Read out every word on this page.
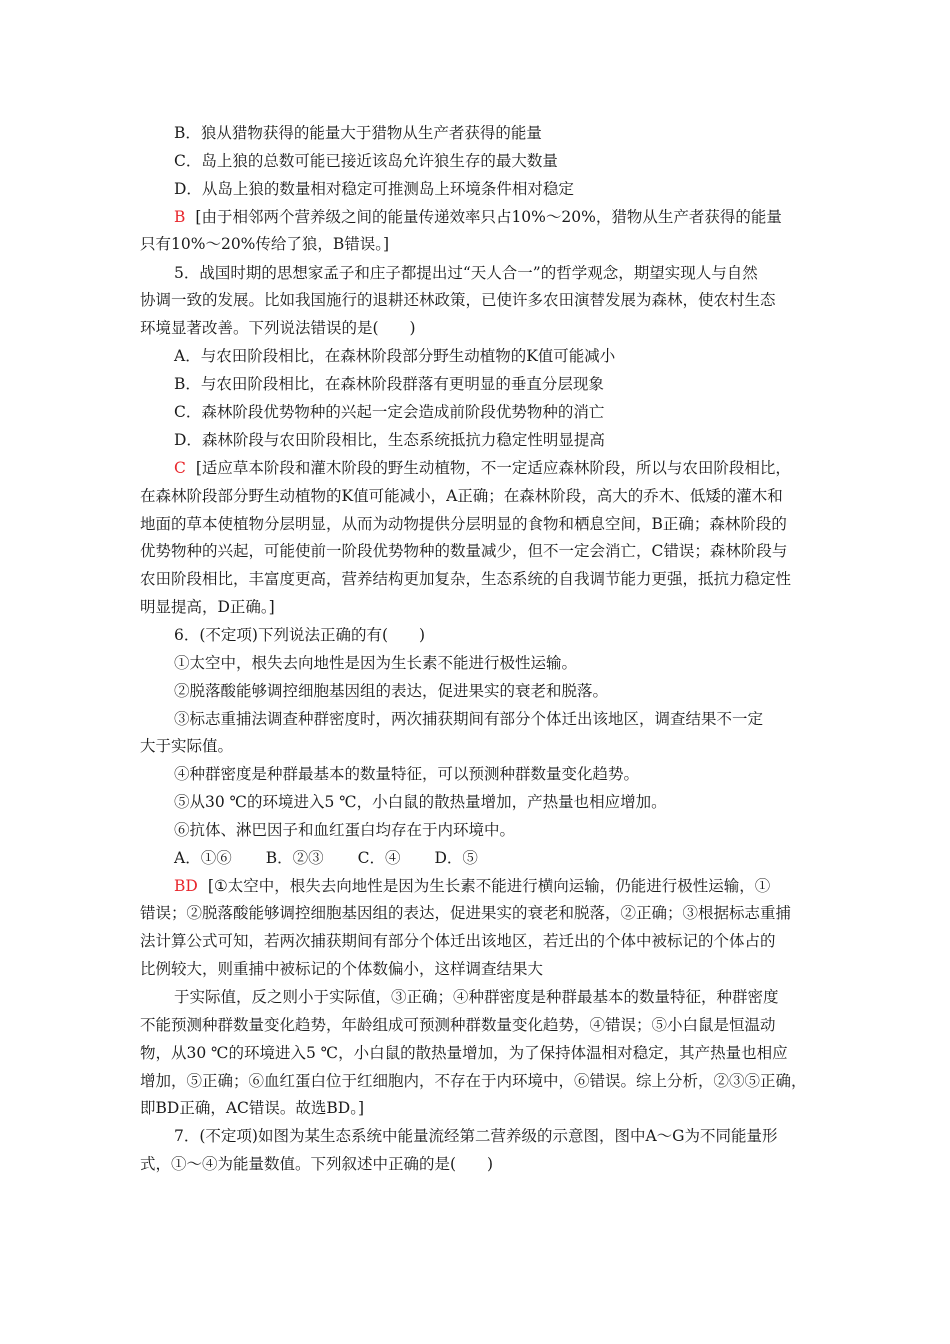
B．狼从猎物获得的能量大于猎物从生产者获得的能量
C．岛上狼的总数可能已接近该岛允许狼生存的最大数量
D．从岛上狼的数量相对稳定可推测岛上环境条件相对稳定
B [由于相邻两个营养级之间的能量传递效率只占10%～20%，猎物从生产者获得的能量
只有10%～20%传给了狼，B错误。]
5．战国时期的思想家孟子和庄子都提出过“天人合一”的哲学观念，期望实现人与自然
协调一致的发展。比如我国施行的退耕还林政策，已使许多农田演替发展为森林，使农村生态
环境显著改善。下列说法错误的是(　　)
A．与农田阶段相比，在森林阶段部分野生动植物的K值可能减小
B．与农田阶段相比，在森林阶段群落有更明显的垂直分层现象
C．森林阶段优势物种的兴起一定会造成前阶段优势物种的消亡
D．森林阶段与农田阶段相比，生态系统抵抗力稳定性明显提高
C [适应草本阶段和灌木阶段的野生动植物，不一定适应森林阶段，所以与农田阶段相比，
在森林阶段部分野生动植物的K值可能减小，A正确；在森林阶段，高大的乔木、低矮的灌木和
地面的草本使植物分层明显，从而为动物提供分层明显的食物和栖息空间，B正确；森林阶段的
优势物种的兴起，可能使前一阶段优势物种的数量减少，但不一定会消亡，C错误；森林阶段与
农田阶段相比，丰富度更高，营养结构更加复杂，生态系统的自我调节能力更强，抵抗力稳定性
明显提高，D正确。]
6．(不定项)下列说法正确的有(　　)
①太空中，根失去向地性是因为生长素不能进行极性运输。
②脱落酸能够调控细胞基因组的表达，促进果实的衰老和脱落。
③标志重捕法调查种群密度时，两次捕获期间有部分个体迁出该地区，调查结果不一定
大于实际值。
④种群密度是种群最基本的数量特征，可以预测种群数量变化趋势。
⑤从30 ℃的环境进入5 ℃，小白鼠的散热量增加，产热量也相应增加。
⑥抗体、淋巴因子和血红蛋白均存在于内环境中。
A．①⑥ B．②③ C．④ D．⑤
BD [①太空中，根失去向地性是因为生长素不能进行横向运输，仍能进行极性运输，①
错误；②脱落酸能够调控细胞基因组的表达，促进果实的衰老和脱落，②正确；③根据标志重捕
法计算公式可知，若两次捕获期间有部分个体迁出该地区，若迁出的个体中被标记的个体占的
比例较大，则重捕中被标记的个体数偏小，这样调查结果大
于实际值，反之则小于实际值，③正确；④种群密度是种群最基本的数量特征，种群密度
不能预测种群数量变化趋势，年龄组成可预测种群数量变化趋势，④错误；⑤小白鼠是恒温动
物，从30 ℃的环境进入5 ℃，小白鼠的散热量增加，为了保持体温相对稳定，其产热量也相应
增加，⑤正确；⑥血红蛋白位于红细胞内，不存在于内环境中，⑥错误。综上分析，②③⑤正确，
即BD正确，AC错误。故选BD。]
7．(不定项)如图为某生态系统中能量流经第二营养级的示意图，图中A～G为不同能量形
式，①～④为能量数值。下列叙述中正确的是(　　)
